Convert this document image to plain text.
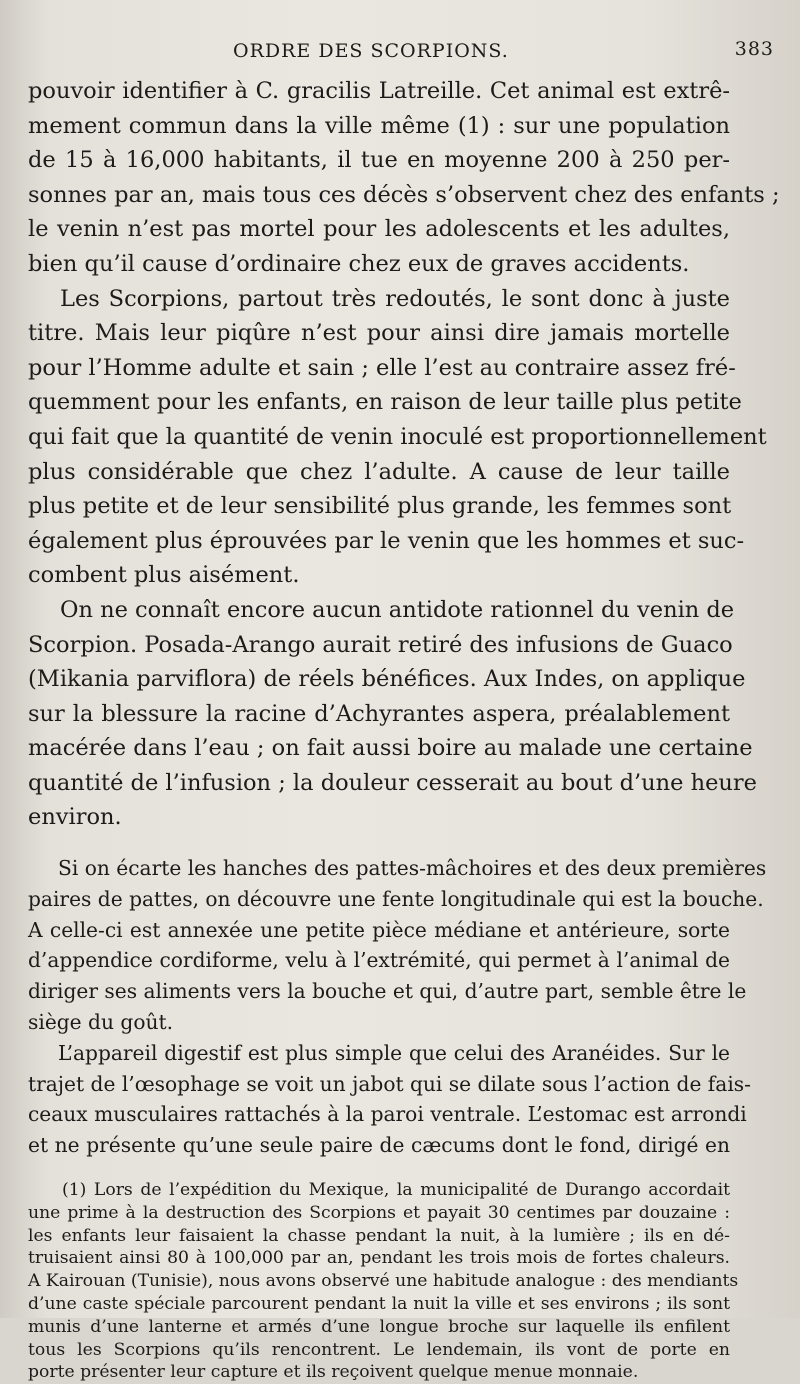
ORDRE DES SCORPIONS.	383

pouvoir identifier à C. gracilis Latreille. Cet animal est extrê-
mement commun dans la ville même (1) : sur une population
de 15 à 16,000 habitants, il tue en moyenne 200 à 250 per-
sonnes par an, mais tous ces décès s’observent chez des enfants ;
le venin n’est pas mortel pour les adolescents et les adultes,
bien qu’il cause d’ordinaire chez eux de graves accidents.

Les Scorpions, partout très redoutés, le sont donc à juste
titre. Mais leur piqûre n’est pour ainsi dire jamais mortelle
pour l’Homme adulte et sain ; elle l’est au contraire assez fré-
quemment pour les enfants, en raison de leur taille plus petite
qui fait que la quantité de venin inoculé est proportionnellement
plus considérable que chez l’adulte. A cause de leur taille
plus petite et de leur sensibilité plus grande, les femmes sont
également plus éprouvées par le venin que les hommes et suc-
combent plus aisément.

On ne connaît encore aucun antidote rationnel du venin de
Scorpion. Posada-Arango aurait retiré des infusions de Guaco
(Mikania parviflora) de réels bénéfices. Aux Indes, on applique
sur la blessure la racine d’Achyrantes aspera, préalablement
macérée dans l’eau ; on fait aussi boire au malade une certaine
quantité de l’infusion ; la douleur cesserait au bout d’une heure
environ.

Si on écarte les hanches des pattes-mâchoires et des deux premières
paires de pattes, on découvre une fente longitudinale qui est la bouche.
A celle-ci est annexée une petite pièce médiane et antérieure, sorte
d’appendice cordiforme, velu à l’extrémité, qui permet à l’animal de
diriger ses aliments vers la bouche et qui, d’autre part, semble être le
siège du goût.

L’appareil digestif est plus simple que celui des Aranéides. Sur le
trajet de l’œsophage se voit un jabot qui se dilate sous l’action de fais-
ceaux musculaires rattachés à la paroi ventrale. L’estomac est arrondi
et ne présente qu’une seule paire de cæcums dont le fond, dirigé en

(1) Lors de l’expédition du Mexique, la municipalité de Durango accordait
une prime à la destruction des Scorpions et payait 30 centimes par douzaine :
les enfants leur faisaient la chasse pendant la nuit, à la lumière ; ils en dé-
truisaient ainsi 80 à 100,000 par an, pendant les trois mois de fortes chaleurs.
A Kairouan (Tunisie), nous avons observé une habitude analogue : des mendiants
d’une caste spéciale parcourent pendant la nuit la ville et ses environs ; ils sont
munis d’une lanterne et armés d’une longue broche sur laquelle ils enfilent
tous les Scorpions qu’ils rencontrent. Le lendemain, ils vont de porte en
porte présenter leur capture et ils reçoivent quelque menue monnaie.
